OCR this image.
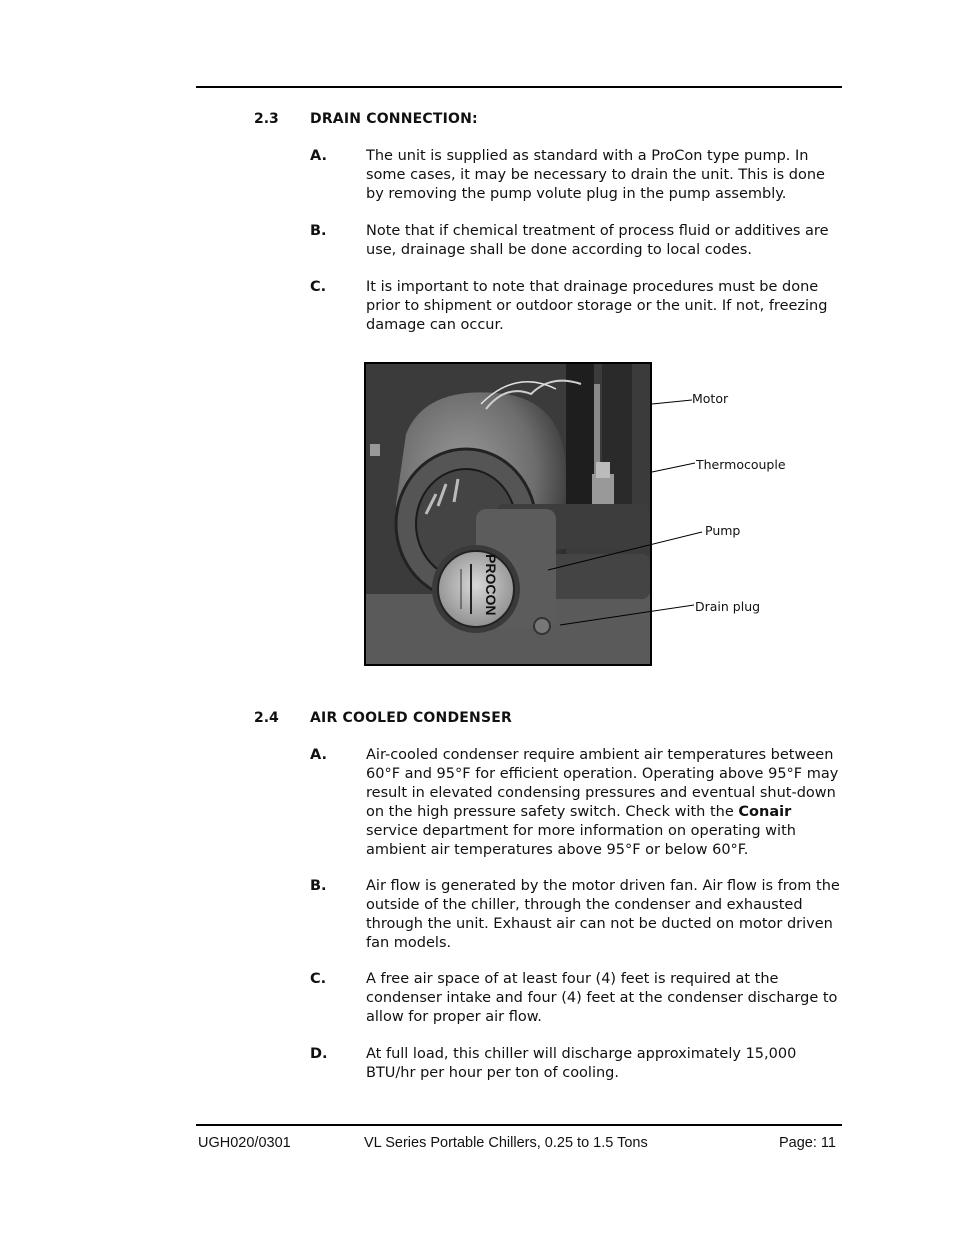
2.3 DRAIN CONNECTION:
A.	The unit is supplied as standard with a ProCon type pump. In some cases, it may be necessary to drain the unit. This is done by removing the pump volute plug in the pump assembly.
B.	Note that if chemical treatment of process fluid or additives are use, drainage shall be done according to local codes.
C.	It is important to note that drainage procedures must be done prior to shipment or outdoor storage or the unit. If not, freezing damage can occur.
PROCON
Motor
Thermocouple
Pump
Drain plug
2.4 AIR COOLED CONDENSER
A.	Air-cooled condenser require ambient air temperatures between 60°F and 95°F for efficient operation. Operating above 95°F may result in elevated condensing pressures and eventual shut-down on the high pressure safety switch. Check with the Conair service department for more information on operating with ambient air temperatures above 95°F or below 60°F.
B.	Air flow is generated by the motor driven fan. Air flow is from the outside of the chiller, through the condenser and exhausted through the unit. Exhaust air can not be ducted on motor driven fan models.
C.	A free air space of at least four (4) feet is required at the condenser intake and four (4) feet at the condenser discharge to allow for proper air flow.
D.	At full load, this chiller will discharge approximately 15,000 BTU/hr per hour per ton of cooling.
UGH020/0301	VL Series Portable Chillers, 0.25 to 1.5 Tons	Page: 11
